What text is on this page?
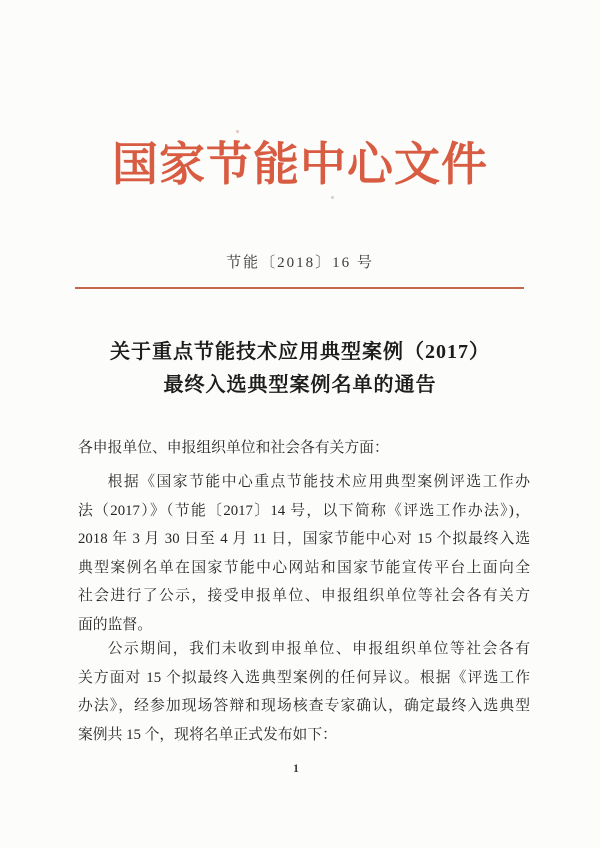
国家节能中心文件
节能〔2018〕16 号
关于重点节能技术应用典型案例（2017）
最终入选典型案例名单的通告
各申报单位、申报组织单位和社会各有关方面：
根据《国家节能中心重点节能技术应用典型案例评选工作办
法（2017）》（节能〔2017〕14 号，以下简称《评选工作办法》)，
2018 年 3 月 30 日至 4 月 11 日，国家节能中心对 15 个拟最终入选
典型案例名单在国家节能中心网站和国家节能宣传平台上面向全
社会进行了公示，接受申报单位、申报组织单位等社会各有关方
面的监督。
公示期间，我们未收到申报单位、申报组织单位等社会各有
关方面对 15 个拟最终入选典型案例的任何异议。根据《评选工作
办法》，经参加现场答辩和现场核查专家确认，确定最终入选典型
案例共 15 个，现将名单正式发布如下：
1
